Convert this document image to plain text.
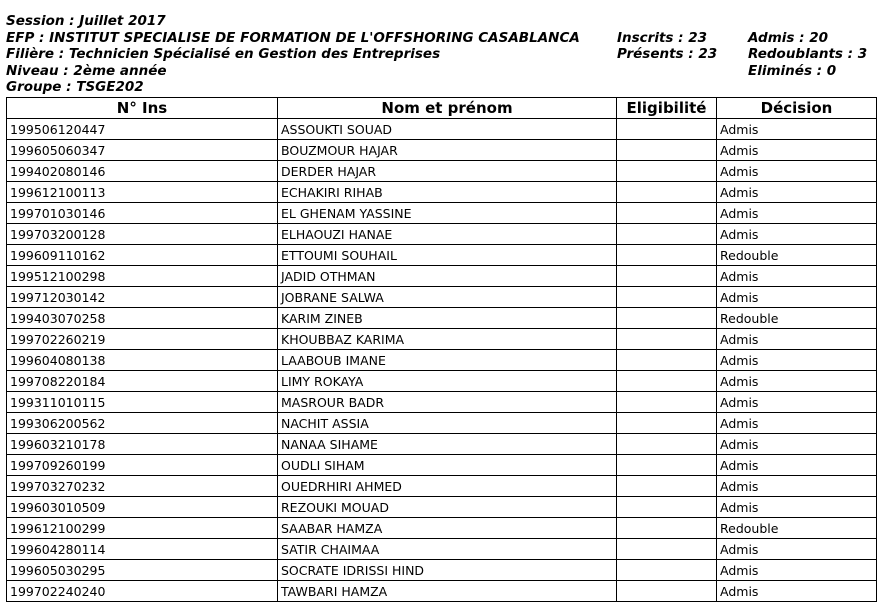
Session : Juillet 2017
EFP : INSTITUT SPECIALISE DE FORMATION DE L'OFFSHORING CASABLANCA
Filière : Technicien Spécialisé en Gestion des Entreprises
Niveau : 2ème année
Groupe : TSGE202
Inscrits : 23
Présents : 23
Admis : 20
Redoublants : 3
Eliminés : 0
N° Ins	Nom et prénom	Eligibilité	Décision
199506120447	ASSOUKTI SOUAD		Admis
199605060347	BOUZMOUR HAJAR		Admis
199402080146	DERDER HAJAR		Admis
199612100113	ECHAKIRI RIHAB		Admis
199701030146	EL GHENAM YASSINE		Admis
199703200128	ELHAOUZI HANAE		Admis
199609110162	ETTOUMI SOUHAIL		Redouble
199512100298	JADID OTHMAN		Admis
199712030142	JOBRANE SALWA		Admis
199403070258	KARIM ZINEB		Redouble
199702260219	KHOUBBAZ KARIMA		Admis
199604080138	LAABOUB IMANE		Admis
199708220184	LIMY ROKAYA		Admis
199311010115	MASROUR BADR		Admis
199306200562	NACHIT ASSIA		Admis
199603210178	NANAA SIHAME		Admis
199709260199	OUDLI SIHAM		Admis
199703270232	OUEDRHIRI AHMED		Admis
199603010509	REZOUKI MOUAD		Admis
199612100299	SAABAR HAMZA		Redouble
199604280114	SATIR CHAIMAA		Admis
199605030295	SOCRATE IDRISSI HIND		Admis
199702240240	TAWBARI HAMZA		Admis
